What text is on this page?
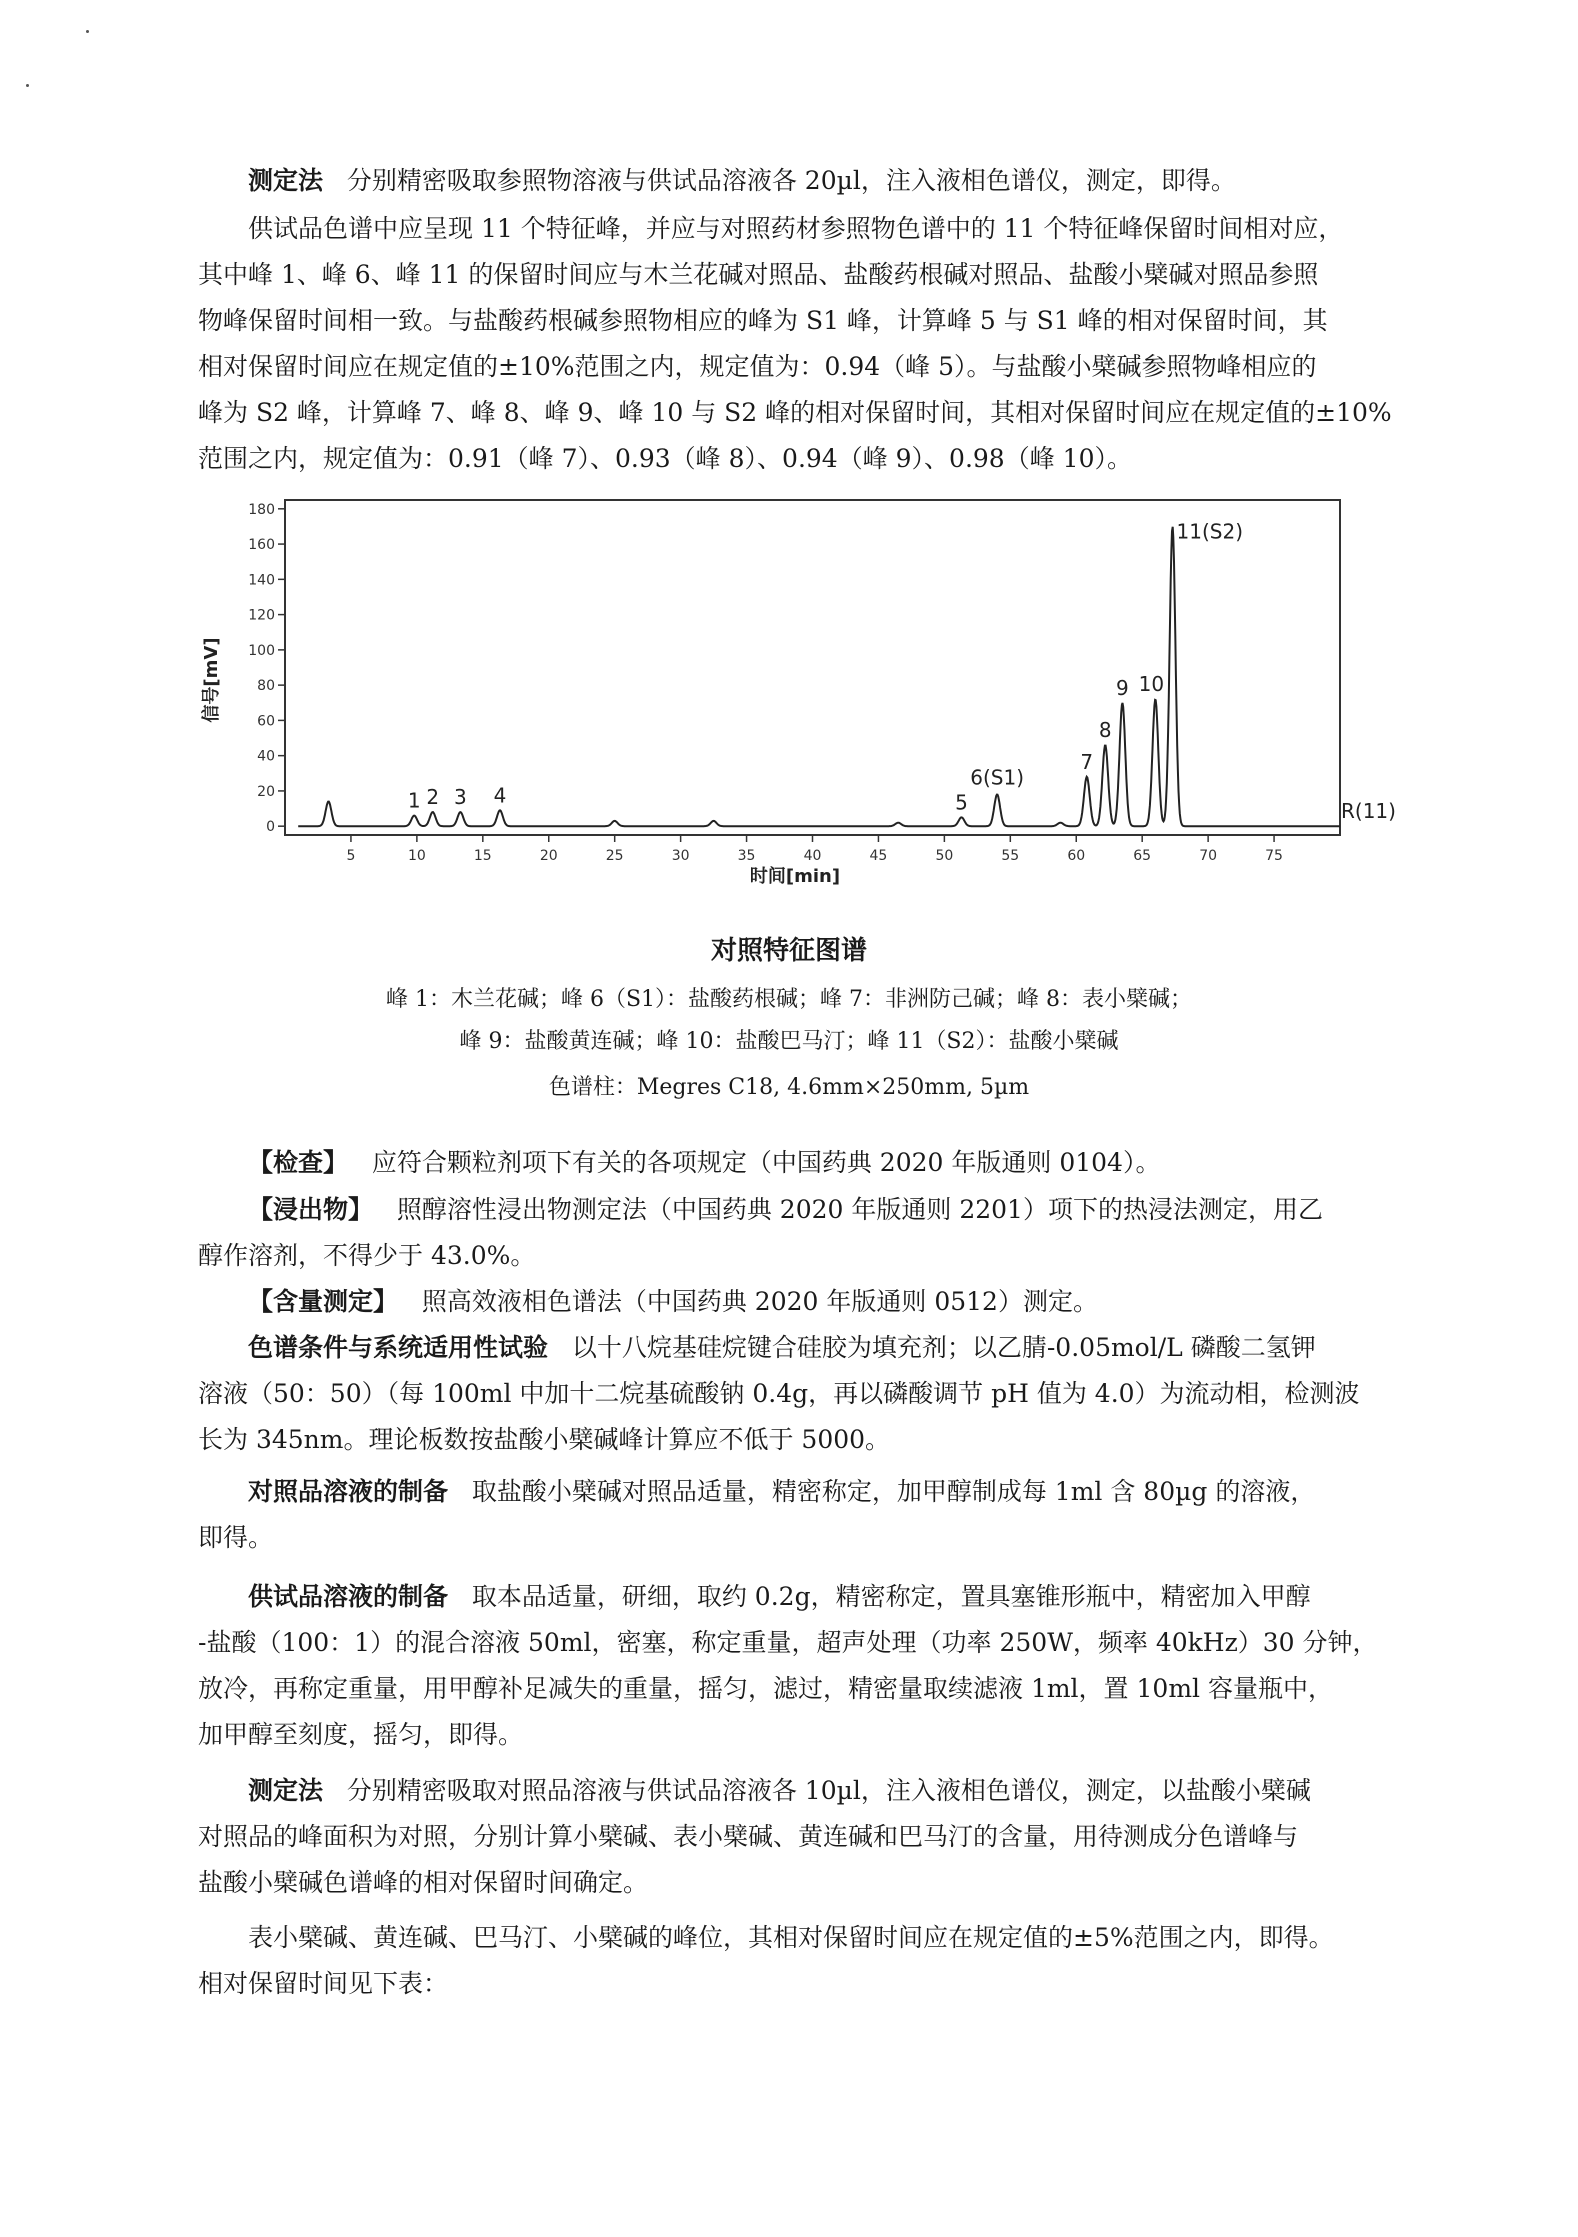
测定法 分别精密吸取参照物溶液与供试品溶液各 20µl，注入液相色谱仪，测定，即得。
供试品色谱中应呈现 11 个特征峰，并应与对照药材参照物色谱中的 11 个特征峰保留时间相对应，
其中峰 1、峰 6、峰 11 的保留时间应与木兰花碱对照品、盐酸药根碱对照品、盐酸小檗碱对照品参照
物峰保留时间相一致。与盐酸药根碱参照物相应的峰为 S1 峰，计算峰 5 与 S1 峰的相对保留时间，其
相对保留时间应在规定值的±10%范围之内，规定值为：0.94（峰 5）。与盐酸小檗碱参照物峰相应的
峰为 S2 峰，计算峰 7、峰 8、峰 9、峰 10 与 S2 峰的相对保留时间，其相对保留时间应在规定值的±10%
范围之内，规定值为：0.91（峰 7）、0.93（峰 8）、0.94（峰 9）、0.98（峰 10）。
0
20
40
60
80
100
120
140
160
180
5	10	15	20	25	30	35	40	45	50	55	60	65	70	75
1 2 3 4	5
6(S1)
7
8
9 10
11(S2)
R(11)
时间[min]
信号[mV]
对照特征图谱
峰 1：木兰花碱；峰 6（S1）：盐酸药根碱；峰 7：非洲防己碱；峰 8：表小檗碱；
峰 9：盐酸黄连碱；峰 10：盐酸巴马汀；峰 11（S2）：盐酸小檗碱
色谱柱：Megres C18, 4.6mm×250mm, 5µm
【检查】 应符合颗粒剂项下有关的各项规定（中国药典 2020 年版通则 0104）。
【浸出物】 照醇溶性浸出物测定法（中国药典 2020 年版通则 2201）项下的热浸法测定，用乙
醇作溶剂，不得少于 43.0%。
【含量测定】 照高效液相色谱法（中国药典 2020 年版通则 0512）测定。
色谱条件与系统适用性试验 以十八烷基硅烷键合硅胶为填充剂；以乙腈-0.05mol/L 磷酸二氢钾
溶液（50：50）（每 100ml 中加十二烷基硫酸钠 0.4g，再以磷酸调节 pH 值为 4.0）为流动相，检测波
长为 345nm。理论板数按盐酸小檗碱峰计算应不低于 5000。
对照品溶液的制备 取盐酸小檗碱对照品适量，精密称定，加甲醇制成每 1ml 含 80µg 的溶液，
即得。
供试品溶液的制备 取本品适量，研细，取约 0.2g，精密称定，置具塞锥形瓶中，精密加入甲醇
-盐酸（100：1）的混合溶液 50ml，密塞，称定重量，超声处理（功率 250W，频率 40kHz）30 分钟，
放冷，再称定重量，用甲醇补足减失的重量，摇匀，滤过，精密量取续滤液 1ml，置 10ml 容量瓶中，
加甲醇至刻度，摇匀，即得。
测定法 分别精密吸取对照品溶液与供试品溶液各 10µl，注入液相色谱仪，测定，以盐酸小檗碱
对照品的峰面积为对照，分别计算小檗碱、表小檗碱、黄连碱和巴马汀的含量，用待测成分色谱峰与
盐酸小檗碱色谱峰的相对保留时间确定。
表小檗碱、黄连碱、巴马汀、小檗碱的峰位，其相对保留时间应在规定值的±5%范围之内，即得。
相对保留时间见下表：
